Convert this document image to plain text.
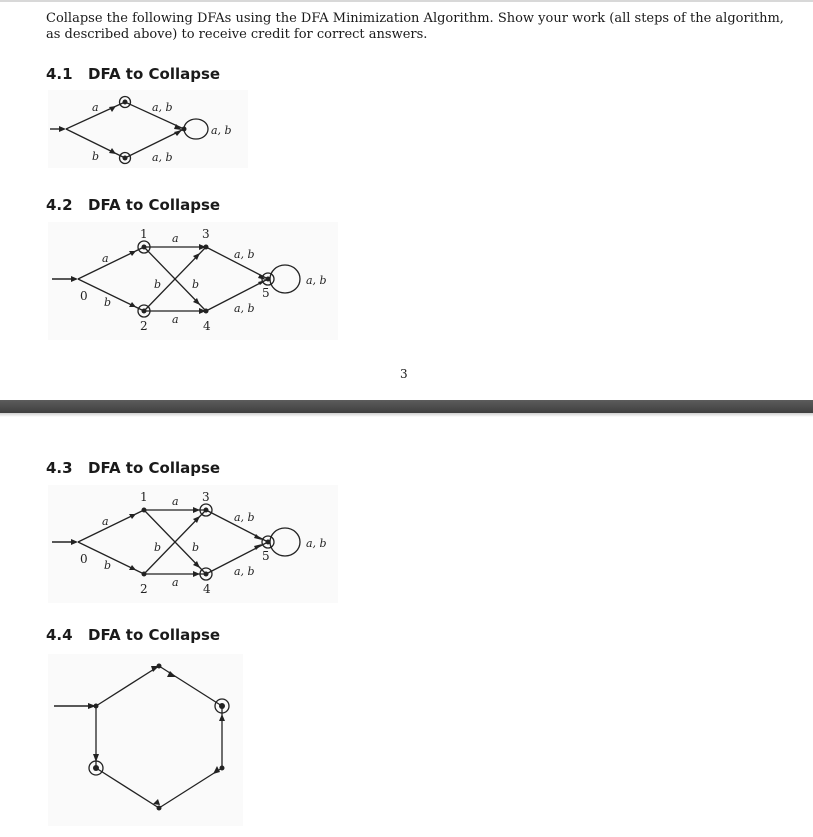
Collapse the following DFAs using the DFA Minimization Algorithm. Show your work (all steps of the algorithm, as described above) to receive credit for correct answers.
4.1 DFA to Collapse
a
b
a, b
a, b
a, b
4.2 DFA to Collapse
0
1
2
3
4
5
a
b
a
a
b	b
a, b
a, b
a, b
3
4.3 DFA to Collapse
0
1
2
3
4
5
a
b
a
a
b	b
a, b
a, b
a, b
4.4 DFA to Collapse
